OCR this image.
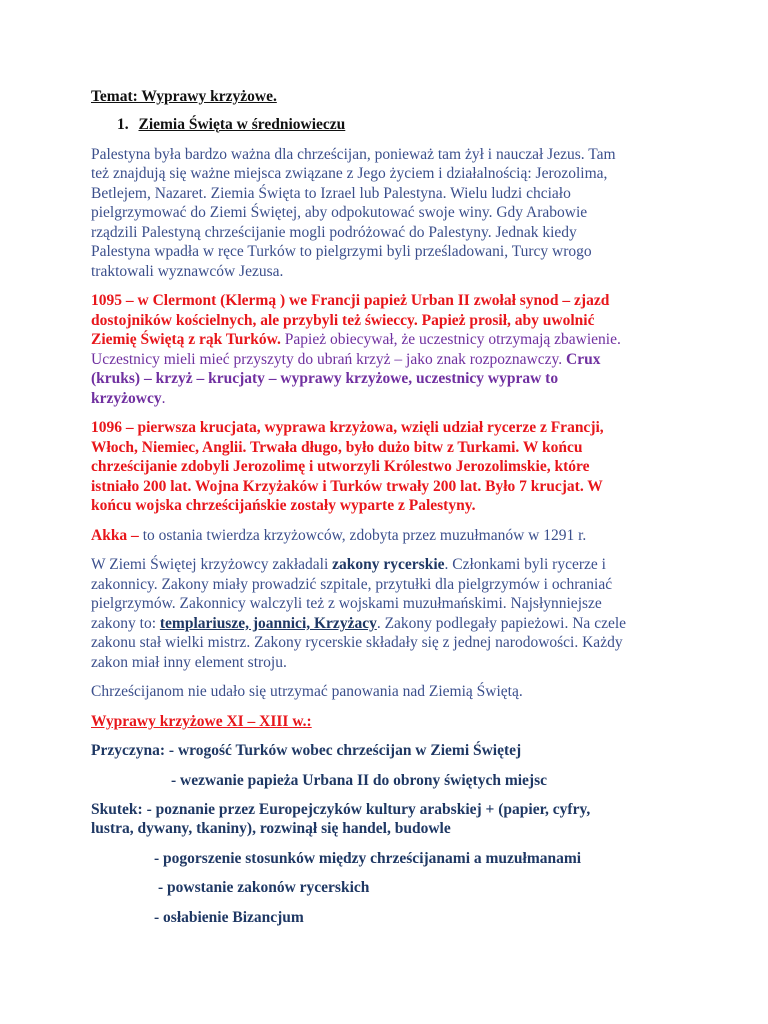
Temat: Wyprawy krzyżowe.
1. Ziemia Święta w średniowieczu
Palestyna była bardzo ważna dla chrześcijan, ponieważ tam żył i nauczał Jezus. Tam
też znajdują się ważne miejsca związane z Jego życiem i działalnością: Jerozolima,
Betlejem, Nazaret. Ziemia Święta to Izrael lub Palestyna. Wielu ludzi chciało
pielgrzymować do Ziemi Świętej, aby odpokutować swoje winy. Gdy Arabowie
rządzili Palestyną chrześcijanie mogli podróżować do Palestyny. Jednak kiedy
Palestyna wpadła w ręce Turków to pielgrzymi byli prześladowani, Turcy wrogo
traktowali wyznawców Jezusa.
1095 – w Clermont (Klermą ) we Francji papież Urban II zwołał synod – zjazd
dostojników kościelnych, ale przybyli też świeccy. Papież prosił, aby uwolnić
Ziemię Świętą z rąk Turków. Papież obiecywał, że uczestnicy otrzymają zbawienie.
Uczestnicy mieli mieć przyszyty do ubrań krzyż – jako znak rozpoznawczy. Crux
(kruks) – krzyż – krucjaty – wyprawy krzyżowe, uczestnicy wypraw to
krzyżowcy.
1096 – pierwsza krucjata, wyprawa krzyżowa, wzięli udział rycerze z Francji,
Włoch, Niemiec, Anglii. Trwała długo, było dużo bitw z Turkami. W końcu
chrześcijanie zdobyli Jerozolimę i utworzyli Królestwo Jerozolimskie, które
istniało 200 lat. Wojna Krzyżaków i Turków trwały 200 lat. Było 7 krucjat. W
końcu wojska chrześcijańskie zostały wyparte z Palestyny.
Akka – to ostania twierdza krzyżowców, zdobyta przez muzułmanów w 1291 r.
W Ziemi Świętej krzyżowcy zakładali zakony rycerskie. Członkami byli rycerze i
zakonnicy. Zakony miały prowadzić szpitale, przytułki dla pielgrzymów i ochraniać
pielgrzymów. Zakonnicy walczyli też z wojskami muzułmańskimi. Najsłynniejsze
zakony to: templariusze, joannici, Krzyżacy. Zakony podlegały papieżowi. Na czele
zakonu stał wielki mistrz. Zakony rycerskie składały się z jednej narodowości. Każdy
zakon miał inny element stroju.
Chrześcijanom nie udało się utrzymać panowania nad Ziemią Świętą.
Wyprawy krzyżowe XI – XIII w.:
Przyczyna: - wrogość Turków wobec chrześcijan w Ziemi Świętej
- wezwanie papieża Urbana II do obrony świętych miejsc
Skutek: - poznanie przez Europejczyków kultury arabskiej + (papier, cyfry,
lustra, dywany, tkaniny), rozwinął się handel, budowle
- pogorszenie stosunków między chrześcijanami a muzułmanami
- powstanie zakonów rycerskich
- osłabienie Bizancjum
